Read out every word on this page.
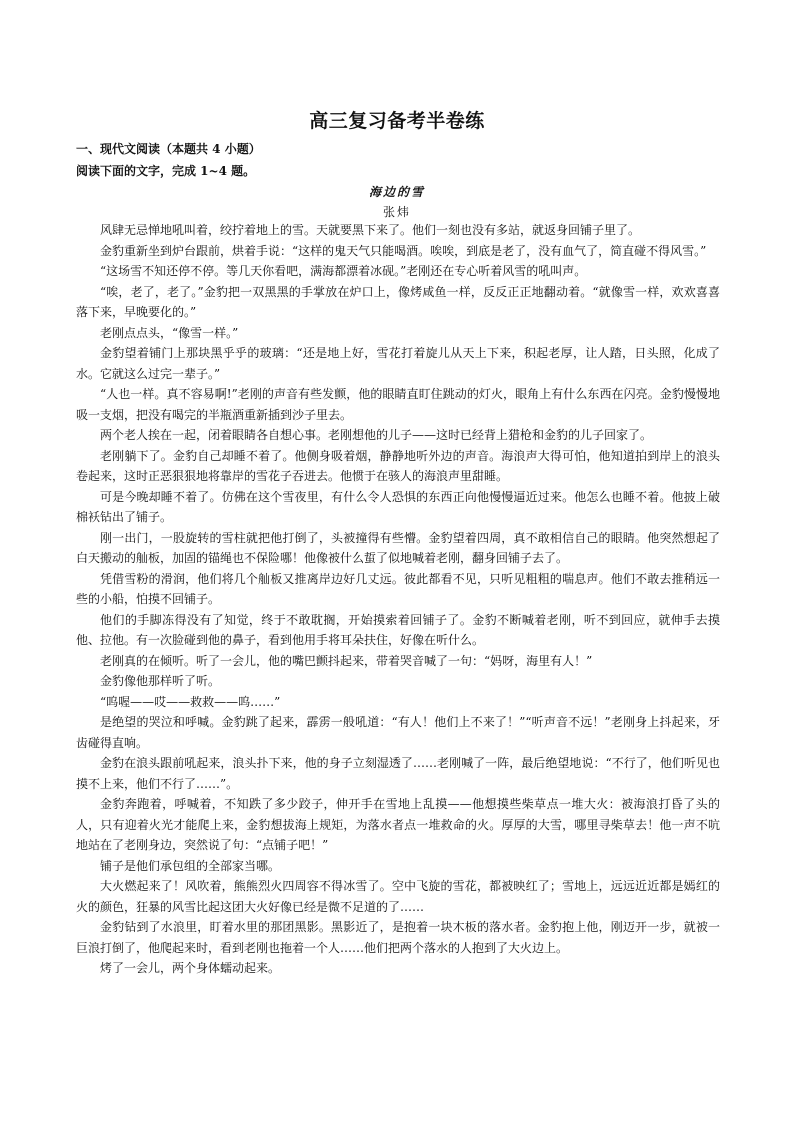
高三复习备考半卷练
一、现代文阅读（本题共 4 小题）
阅读下面的文字，完成 1~4 题。
海边的雪
张炜

风肆无忌惮地吼叫着，绞拧着地上的雪。天就要黑下来了。他们一刻也没有多站，就返身回铺子里了。

金豹重新坐到炉台跟前，烘着手说：“这样的鬼天气只能喝酒。唉唉，到底是老了，没有血气了，简直碰不得风雪。”

“这场雪不知还停不停。等几天你看吧，满海都漂着冰砚。”老刚还在专心听着风雪的吼叫声。

“唉，老了，老了。”金豹把一双黑黑的手掌放在炉口上，像烤咸鱼一样，反反正正地翻动着。“就像雪一样，欢欢喜喜落下来，早晚要化的。”

老刚点点头，“像雪一样。”

金豹望着铺门上那块黑乎乎的玻璃：“还是地上好，雪花打着旋儿从天上下来，积起老厚，让人踏，日头照，化成了水。它就这么过完一辈子。”

“人也一样。真不容易啊!”老刚的声音有些发颤，他的眼睛直盯住跳动的灯火，眼角上有什么东西在闪亮。金豹慢慢地吸一支烟，把没有喝完的半瓶酒重新插到沙子里去。

两个老人挨在一起，闭着眼睛各自想心事。老刚想他的儿子——这时已经背上猎枪和金豹的儿子回家了。

老刚躺下了。金豹自己却睡不着了。他侧身吸着烟，静静地听外边的声音。海浪声大得可怕，他知道拍到岸上的浪头卷起来，这时正恶狠狠地将靠岸的雪花子吞进去。他惯于在骇人的海浪声里甜睡。

可是今晚却睡不着了。仿佛在这个雪夜里，有什么令人恐惧的东西正向他慢慢逼近过来。他怎么也睡不着。他披上破棉袄钻出了铺子。

刚一出门，一股旋转的雪柱就把他打倒了，头被撞得有些懵。金豹望着四周，真不敢相信自己的眼睛。他突然想起了白天搬动的舢板，加固的锚绳也不保险哪！他像被什么蜇了似地喊着老刚，翻身回铺子去了。

凭借雪粉的滑润，他们将几个舢板又推离岸边好几丈远。彼此都看不见，只听见粗粗的喘息声。他们不敢去推稍远一些的小船，怕摸不回铺子。

他们的手脚冻得没有了知觉，终于不敢耽搁，开始摸索着回铺子了。金豹不断喊着老刚，听不到回应，就伸手去摸他、拉他。有一次脸碰到他的鼻子，看到他用手将耳朵扶住，好像在听什么。

老刚真的在倾听。听了一会儿，他的嘴巴颤抖起来，带着哭音喊了一句：“妈呀，海里有人！”

金豹像他那样听了听。

“呜喔——哎——救救——呜……”

是绝望的哭泣和呼喊。金豹跳了起来，霹雳一般吼道：“有人！他们上不来了！”“听声音不远！”老刚身上抖起来，牙齿碰得直响。

金豹在浪头跟前吼起来，浪头扑下来，他的身子立刻湿透了……老刚喊了一阵，最后绝望地说：“不行了，他们听见也摸不上来，他们不行了……”。

金豹奔跑着，呼喊着，不知跌了多少跤子，伸开手在雪地上乱摸——他想摸些柴草点一堆大火：被海浪打昏了头的人，只有迎着火光才能爬上来，金豹想拔海上规矩，为落水者点一堆救命的火。厚厚的大雪，哪里寻柴草去！他一声不吭地站在了老刚身边，突然说了句：“点铺子吧！”

铺子是他们承包组的全部家当哪。

大火燃起来了！风吹着，熊熊烈火四周容不得冰雪了。空中飞旋的雪花，都被映红了；雪地上，远远近近都是嫣红的火的颜色，狂暴的风雪比起这团大火好像已经是微不足道的了……

金豹钻到了水浪里，盯着水里的那团黑影。黑影近了，是抱着一块木板的落水者。金豹抱上他，刚迈开一步，就被一巨浪打倒了，他爬起来时，看到老刚也拖着一个人……他们把两个落水的人抱到了大火边上。

烤了一会儿，两个身体蠕动起来。
